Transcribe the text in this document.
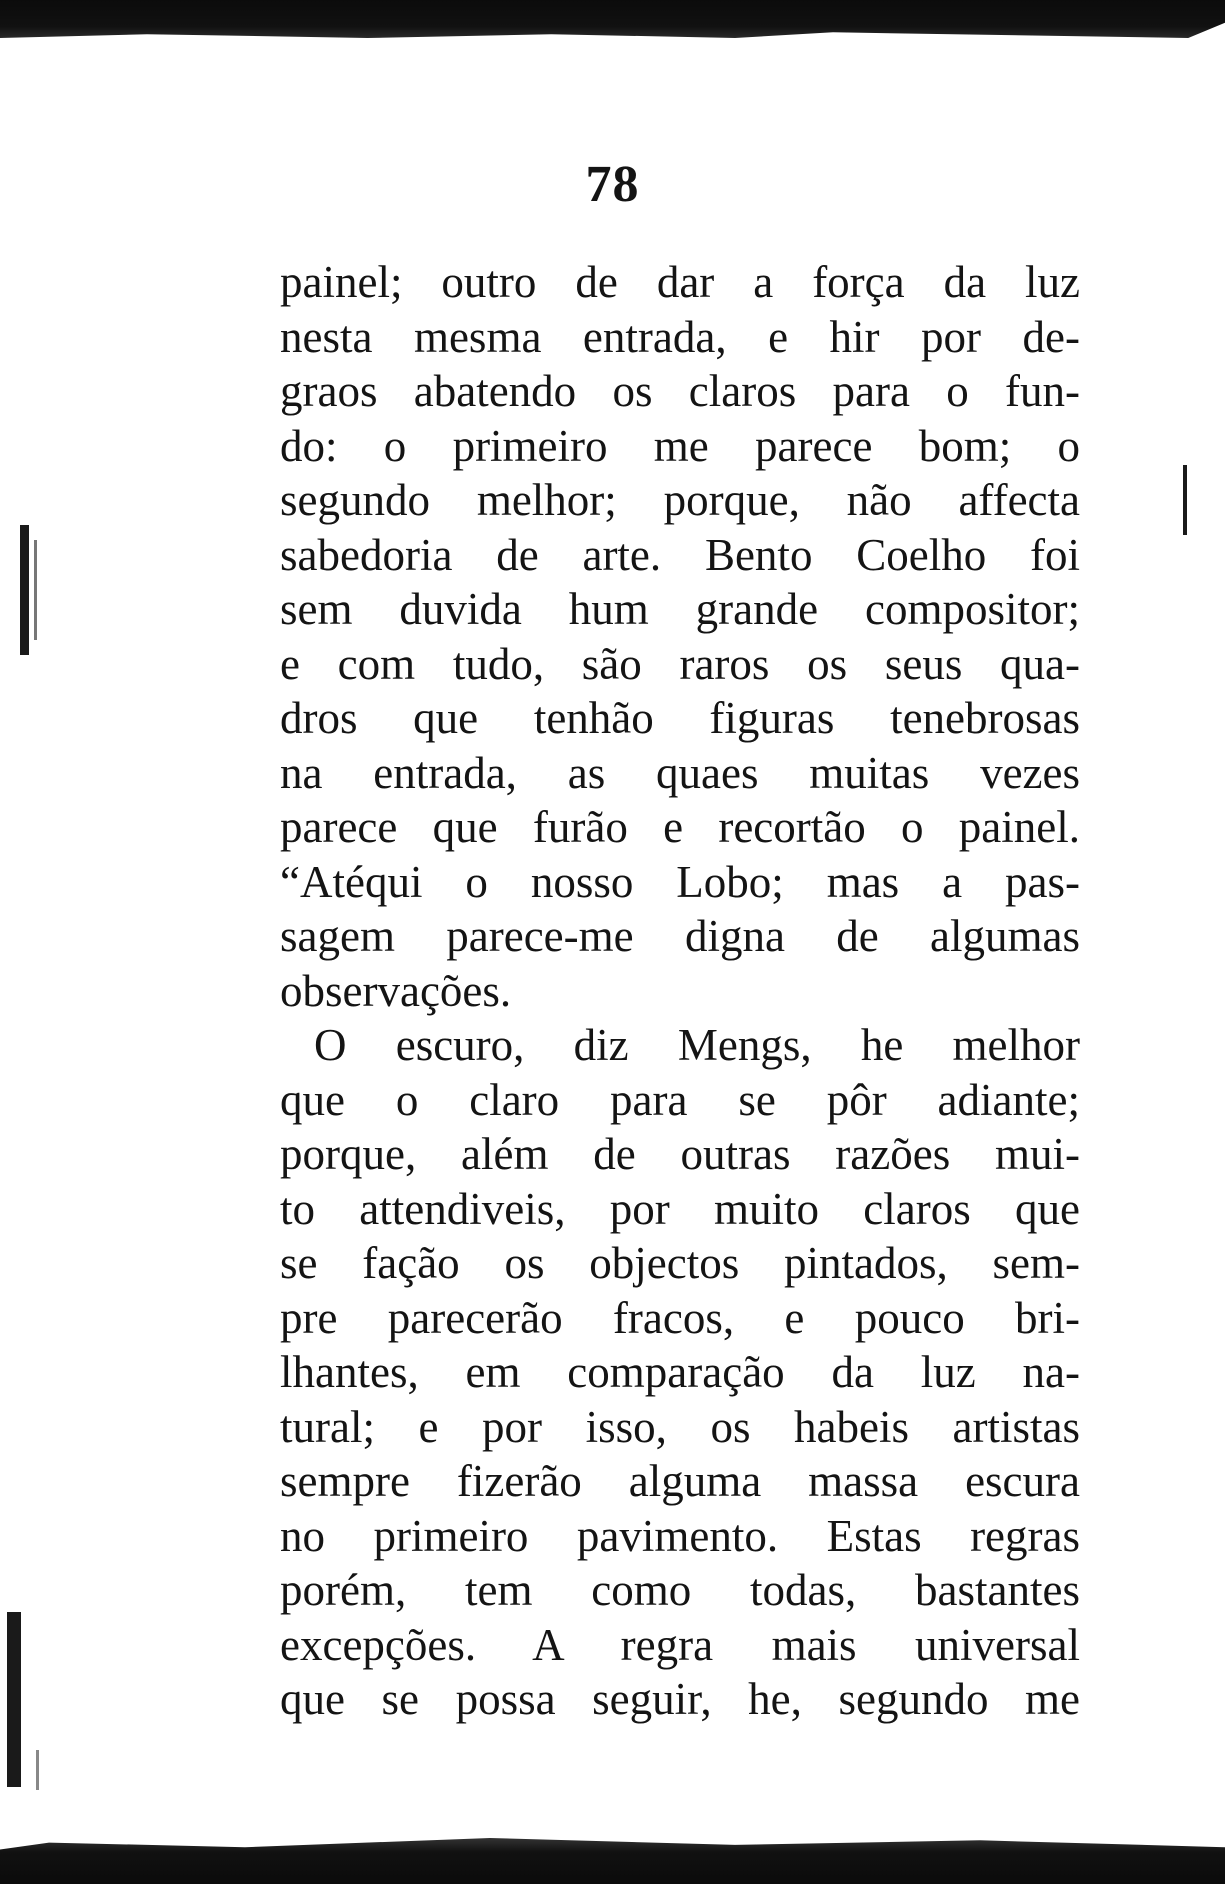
78
painel; outro de dar a força da luz
nesta mesma entrada, e hir por de-
graos abatendo os claros para o fun-
do: o primeiro me parece bom; o
segundo melhor; porque, não affecta
sabedoria de arte. Bento Coelho foi
sem duvida hum grande compositor;
e com tudo, são raros os seus qua-
dros que tenhão figuras tenebrosas
na entrada, as quaes muitas vezes
parece que furão e recortão o painel.
“Atéqui o nosso Lobo; mas a pas-
sagem parece-me digna de algumas
observações.
O escuro, diz Mengs, he melhor
que o claro para se pôr adiante;
porque, além de outras razões mui-
to attendiveis, por muito claros que
se fação os objectos pintados, sem-
pre parecerão fracos, e pouco bri-
lhantes, em comparação da luz na-
tural; e por isso, os habeis artistas
sempre fizerão alguma massa escura
no primeiro pavimento. Estas regras
porém, tem como todas, bastantes
excepções. A regra mais universal
que se possa seguir, he, segundo me
